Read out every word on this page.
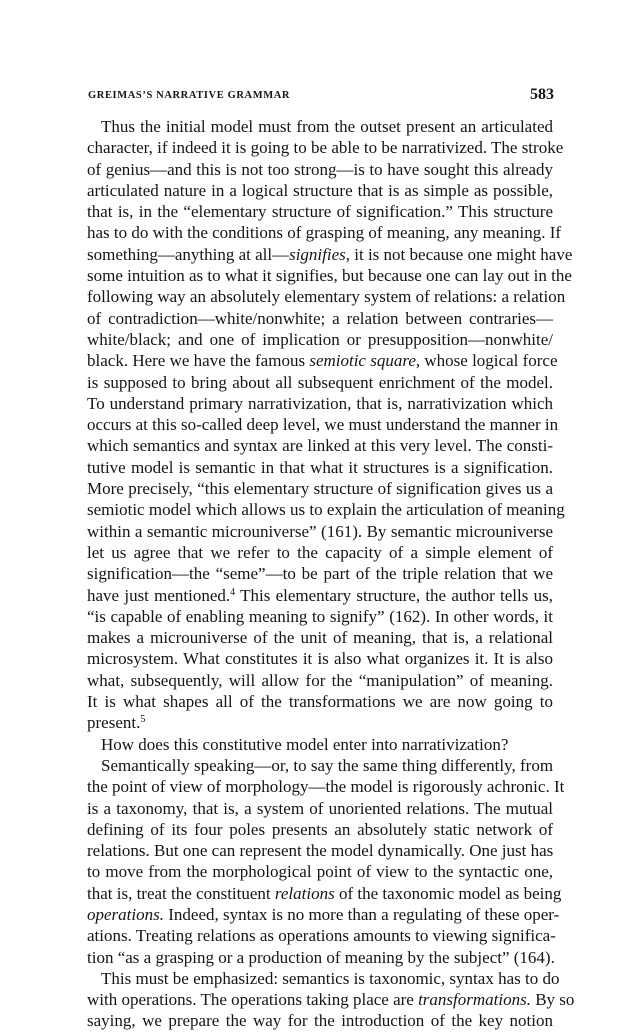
GREIMAS’S NARRATIVE GRAMMAR	583
Thus the initial model must from the outset present an articulated
character, if indeed it is going to be able to be narrativized. The stroke
of genius—and this is not too strong—is to have sought this already
articulated nature in a logical structure that is as simple as possible,
that is, in the “elementary structure of signification.” This structure
has to do with the conditions of grasping of meaning, any meaning. If
something—anything at all—signifies, it is not because one might have
some intuition as to what it signifies, but because one can lay out in the
following way an absolutely elementary system of relations: a relation
of contradiction—white/nonwhite; a relation between contraries—
white/black; and one of implication or presupposition—nonwhite/
black. Here we have the famous semiotic square, whose logical force
is supposed to bring about all subsequent enrichment of the model.
To understand primary narrativization, that is, narrativization which
occurs at this so-called deep level, we must understand the manner in
which semantics and syntax are linked at this very level. The consti-
tutive model is semantic in that what it structures is a signification.
More precisely, “this elementary structure of signification gives us a
semiotic model which allows us to explain the articulation of meaning
within a semantic microuniverse” (161). By semantic microuniverse
let us agree that we refer to the capacity of a simple element of
signification—the “seme”—to be part of the triple relation that we
have just mentioned.$^4$ This elementary structure, the author tells us,
“is capable of enabling meaning to signify” (162). In other words, it
makes a microuniverse of the unit of meaning, that is, a relational
microsystem. What constitutes it is also what organizes it. It is also
what, subsequently, will allow for the “manipulation” of meaning.
It is what shapes all of the transformations we are now going to
present.$^5$
How does this constitutive model enter into narrativization?
Semantically speaking—or, to say the same thing differently, from
the point of view of morphology—the model is rigorously achronic. It
is a taxonomy, that is, a system of unoriented relations. The mutual
defining of its four poles presents an absolutely static network of
relations. But one can represent the model dynamically. One just has
to move from the morphological point of view to the syntactic one,
that is, treat the constituent relations of the taxonomic model as being
operations. Indeed, syntax is no more than a regulating of these oper-
ations. Treating relations as operations amounts to viewing significa-
tion “as a grasping or a production of meaning by the subject” (164).
This must be emphasized: semantics is taxonomic, syntax has to do
with operations. The operations taking place are transformations. By so
saying, we prepare the way for the introduction of the key notion
